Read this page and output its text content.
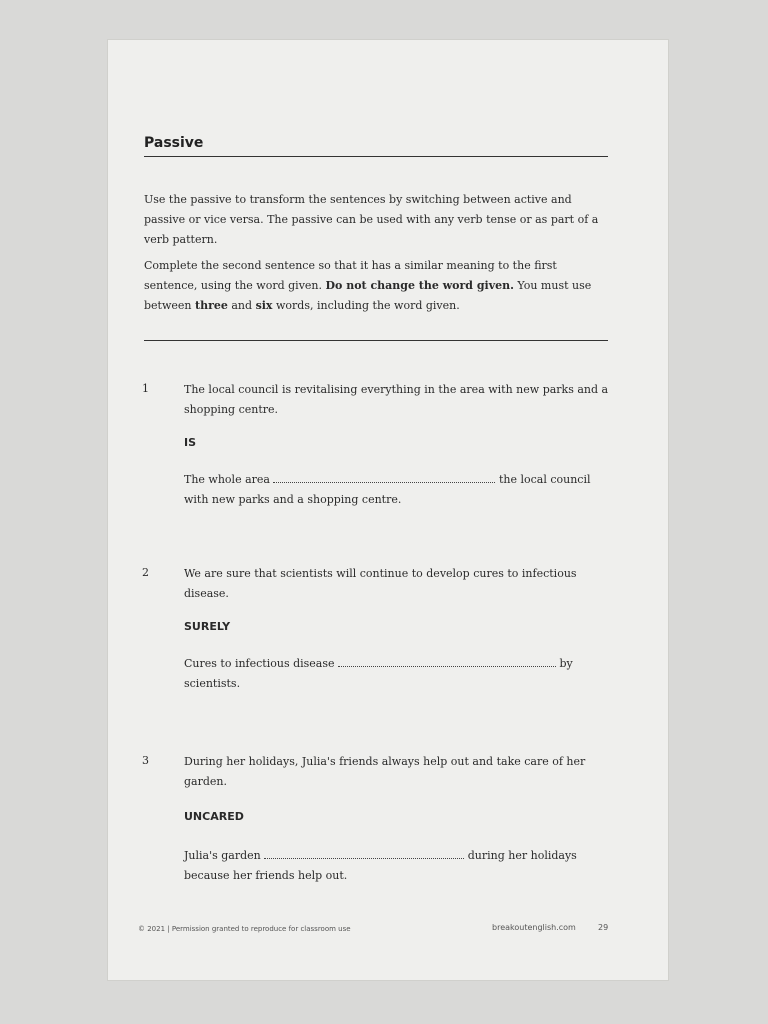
Passive
Use the passive to transform the sentences by switching between active and passive or vice versa. The passive can be used with any verb tense or as part of a verb pattern.
Complete the second sentence so that it has a similar meaning to the first sentence, using the word given. Do not change the word given. You must use between three and six words, including the word given.
1	The local council is revitalising everything in the area with new parks and a shopping centre.
IS
The whole area	the local council with new parks and a shopping centre.
2	We are sure that scientists will continue to develop cures to infectious disease.
SURELY
Cures to infectious disease	by scientists.
3	During her holidays, Julia's friends always help out and take care of her garden.
UNCARED
Julia's garden	during her holidays because her friends help out.
© 2021 | Permission granted to reproduce for classroom use	breakoutenglish.com	29
